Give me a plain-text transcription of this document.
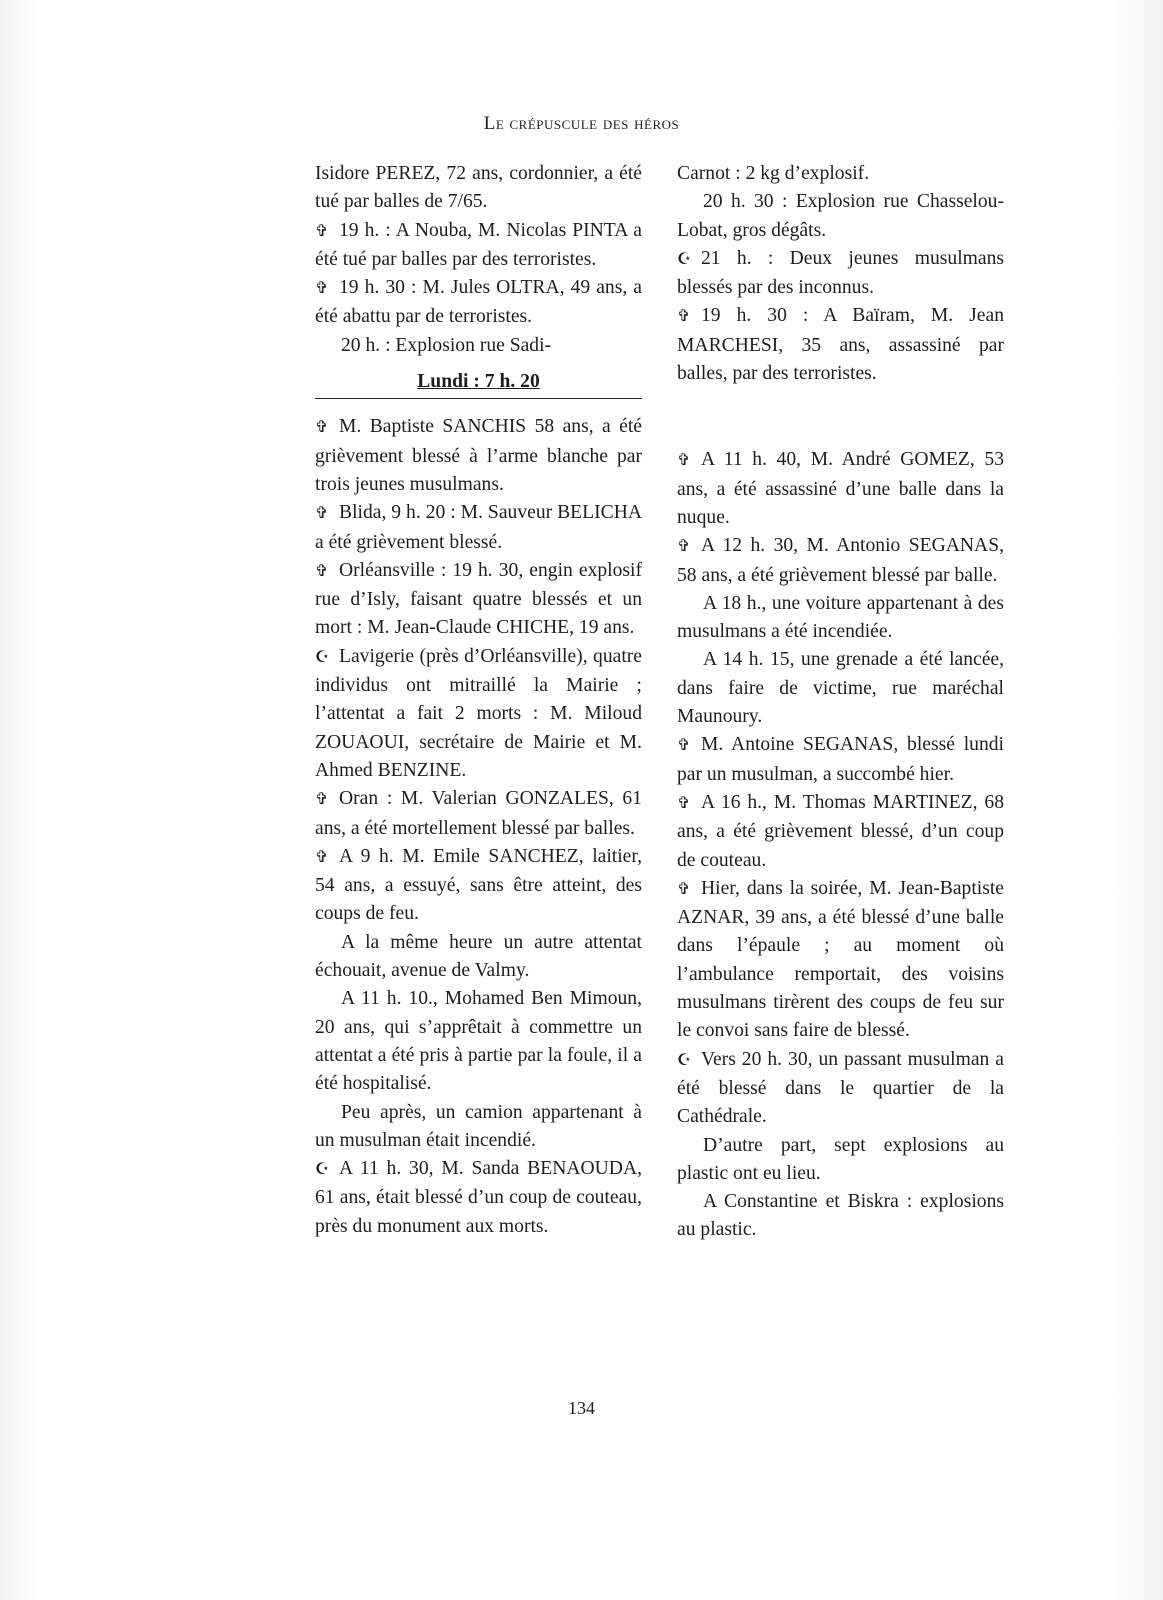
Le crépuscule des héros

Isidore PEREZ, 72 ans, cordonnier, a été tué par balles de 7/65.

✞ 19 h. : A Nouba, M. Nicolas PINTA a été tué par balles par des terroristes.

✞ 19 h. 30 : M. Jules OLTRA, 49 ans, a été abattu par de terroristes.

20 h. : Explosion rue Sadi-

Lundi : 7 h. 20

✞ M. Baptiste SANCHIS 58 ans, a été grièvement blessé à l’arme blanche par trois jeunes musulmans.

✞ Blida, 9 h. 20 : M. Sauveur BELICHA a été grièvement blessé.

✞ Orléansville : 19 h. 30, engin explosif rue d’Isly, faisant quatre blessés et un mort : M. Jean-Claude CHICHE, 19 ans.

☪ Lavigerie (près d’Orléansville), quatre individus ont mitraillé la Mairie ; l’attentat a fait 2 morts : M. Miloud ZOUAOUI, secrétaire de Mairie et M. Ahmed BENZINE.

✞ Oran : M. Valerian GONZALES, 61 ans, a été mortellement blessé par balles.

✞ A 9 h. M. Emile SANCHEZ, laitier, 54 ans, a essuyé, sans être atteint, des coups de feu.

A la même heure un autre attentat échouait, avenue de Valmy.

A 11 h. 10., Mohamed Ben Mimoun, 20 ans, qui s’apprêtait à commettre un attentat a été pris à partie par la foule, il a été hospitalisé.

Peu après, un camion appartenant à un musulman était incendié.

☪ A 11 h. 30, M. Sanda BENAOUDA, 61 ans, était blessé d’un coup de couteau, près du monument aux morts.

Carnot : 2 kg d’explosif.

20 h. 30 : Explosion rue Chasselou-Lobat, gros dégâts.

☪ 21 h. : Deux jeunes musulmans blessés par des inconnus.

✞ 19 h. 30 : A Baïram, M. Jean MARCHESI, 35 ans, assassiné par balles, par des terroristes.

✞ A 11 h. 40, M. André GOMEZ, 53 ans, a été assassiné d’une balle dans la nuque.

✞ A 12 h. 30, M. Antonio SEGANAS, 58 ans, a été grièvement blessé par balle.

A 18 h., une voiture appartenant à des musulmans a été incendiée.

A 14 h. 15, une grenade a été lancée, dans faire de victime, rue maréchal Maunoury.

✞ M. Antoine SEGANAS, blessé lundi par un musulman, a succombé hier.

✞ A 16 h., M. Thomas MARTINEZ, 68 ans, a été grièvement blessé, d’un coup de couteau.

✞ Hier, dans la soirée, M. Jean-Baptiste AZNAR, 39 ans, a été blessé d’une balle dans l’épaule ; au moment où l’ambulance remportait, des voisins musulmans tirèrent des coups de feu sur le convoi sans faire de blessé.

☪ Vers 20 h. 30, un passant musulman a été blessé dans le quartier de la Cathédrale.

D’autre part, sept explosions au plastic ont eu lieu.

A Constantine et Biskra : explosions au plastic.

134
